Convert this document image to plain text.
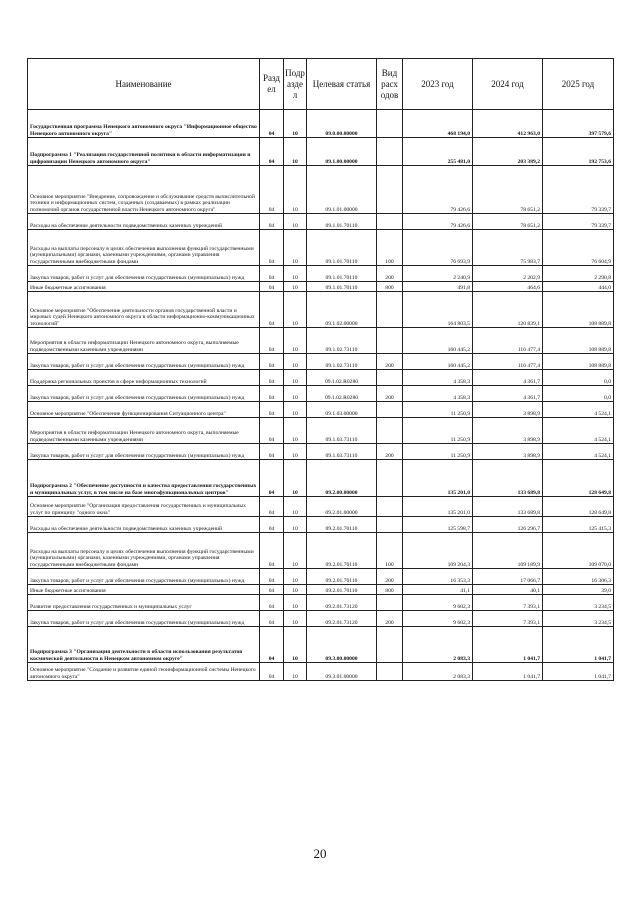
Наименование	Разд ел	Подр азде л	Целевая статья	Вид расх одов	2023 год	2024 год	2025 год
Государственная программа Ненецкого автономного округа "Информационное общество Ненецкого автономного округа"	04	10	09.0.00.00000		468 194,0	412 963,0	397 579,6
Подпрограмма 1 "Реализация государственной политики в области информатизации и цифровизации Ненецкого автономного округа"	04	10	09.1.00.00000		255 481,0	203 389,2	192 753,6
Основное мероприятие "Внедрение, сопровождение и обслуживание средств вычислительной техники и информационных систем, созданных (создаваемых) в рамках реализации полномочий органов государственной власти Ненецкого автономного округа"	04	10	09.1.01.00000		79 426,6	78 651,2	79 339,7
Расходы на обеспечение деятельности подведомственных казенных учреждений	04	10	09.1.01.70110		79 426,6	78 651,2	79 339,7
Расходы на выплаты персоналу в целях обеспечения выполнения функций государственными (муниципальными) органами, казенными учреждениями, органами управления государственными внебюджетными фондами	04	10	09.1.01.70110	100	76 693,9	75 983,7	76 604,9
Закупка товаров, работ и услуг для обеспечения государственных (муниципальных) нужд	04	10	09.1.01.70110	200	2 240,9	2 202,9	2 290,8
Иные бюджетные ассигнования	04	10	09.1.01.70110	800	491,8	464,6	444,0
Основное мероприятие "Обеспечение деятельности органов государственной власти и мировых судей Ненецкого автономного округа в области информационно-коммуникационных технологий"	04	10	09.1.02.00000		164 803,5	120 839,1	108 889,8
Мероприятия в области информатизации Ненецкого автономного округа, выполняемые подведомственными казенными учреждениями	04	10	09.1.02.73110		160 445,2	116 477,4	108 889,8
Закупка товаров, работ и услуг для обеспечения государственных (муниципальных) нужд	04	10	09.1.02.73110	200	160 445,2	116 477,4	108 889,8
Поддержка региональных проектов в сфере информационных технологий	04	10	09.1.02.R0280		4 358,3	4 361,7	0,0
Закупка товаров, работ и услуг для обеспечения государственных (муниципальных) нужд	04	10	09.1.02.R0280	200	4 358,3	4 361,7	0,0
Основное мероприятие "Обеспечение функционирования Ситуационного центра"	04	10	09.1.03.00000		11 250,9	3 898,9	4 524,1
Мероприятия в области информатизации Ненецкого автономного округа, выполняемые подведомственными казенными учреждениями	04	10	09.1.03.73110		11 250,9	3 898,9	4 524,1
Закупка товаров, работ и услуг для обеспечения государственных (муниципальных) нужд	04	10	09.1.03.73110	200	11 250,9	3 898,9	4 524,1
Подпрограмма 2 "Обеспечение доступности и качества предоставления государственных и муниципальных услуг, в том числе на базе многофункциональных центров"	04	10	09.2.00.00000		135 201,0	133 689,8	128 649,8
Основное мероприятие "Организация предоставления государственных и муниципальных услуг по принципу "одного окна"	04	10	09.2.01.00000		135 201,0	133 689,8	128 649,8
Расходы на обеспечение деятельности подведомственных казенных учреждений	04	10	09.2.01.70110		125 598,7	126 296,7	125 415,3
Расходы на выплаты персоналу в целях обеспечения выполнения функций государственными (муниципальными) органами, казенными учреждениями, органами управления государственными внебюджетными фондами	04	10	09.2.01.70110	100	109 204,3	109 189,9	109 070,0
Закупка товаров, работ и услуг для обеспечения государственных (муниципальных) нужд	04	10	09.2.01.70110	200	16 353,3	17 066,7	16 306,3
Иные бюджетные ассигнования	04	10	09.2.01.70110	800	41,1	40,1	39,0
Развитие предоставления государственных и муниципальных услуг	04	10	09.2.01.73120		9 602,3	7 393,1	3 234,5
Закупка товаров, работ и услуг для обеспечения государственных (муниципальных) нужд	04	10	09.2.01.73120	200	9 602,3	7 393,1	3 234,5
Подпрограмма 3 "Организация деятельности в области использования результатов космической деятельности в Ненецком автономном округе"	04	10	09.3.00.00000		2 083,3	1 041,7	1 041,7
Основное мероприятие "Создание и развитие единой геоинформационной системы Ненецкого автономного округа"	04	10	09.3.01.00000		2 083,3	1 041,7	1 041,7
20
